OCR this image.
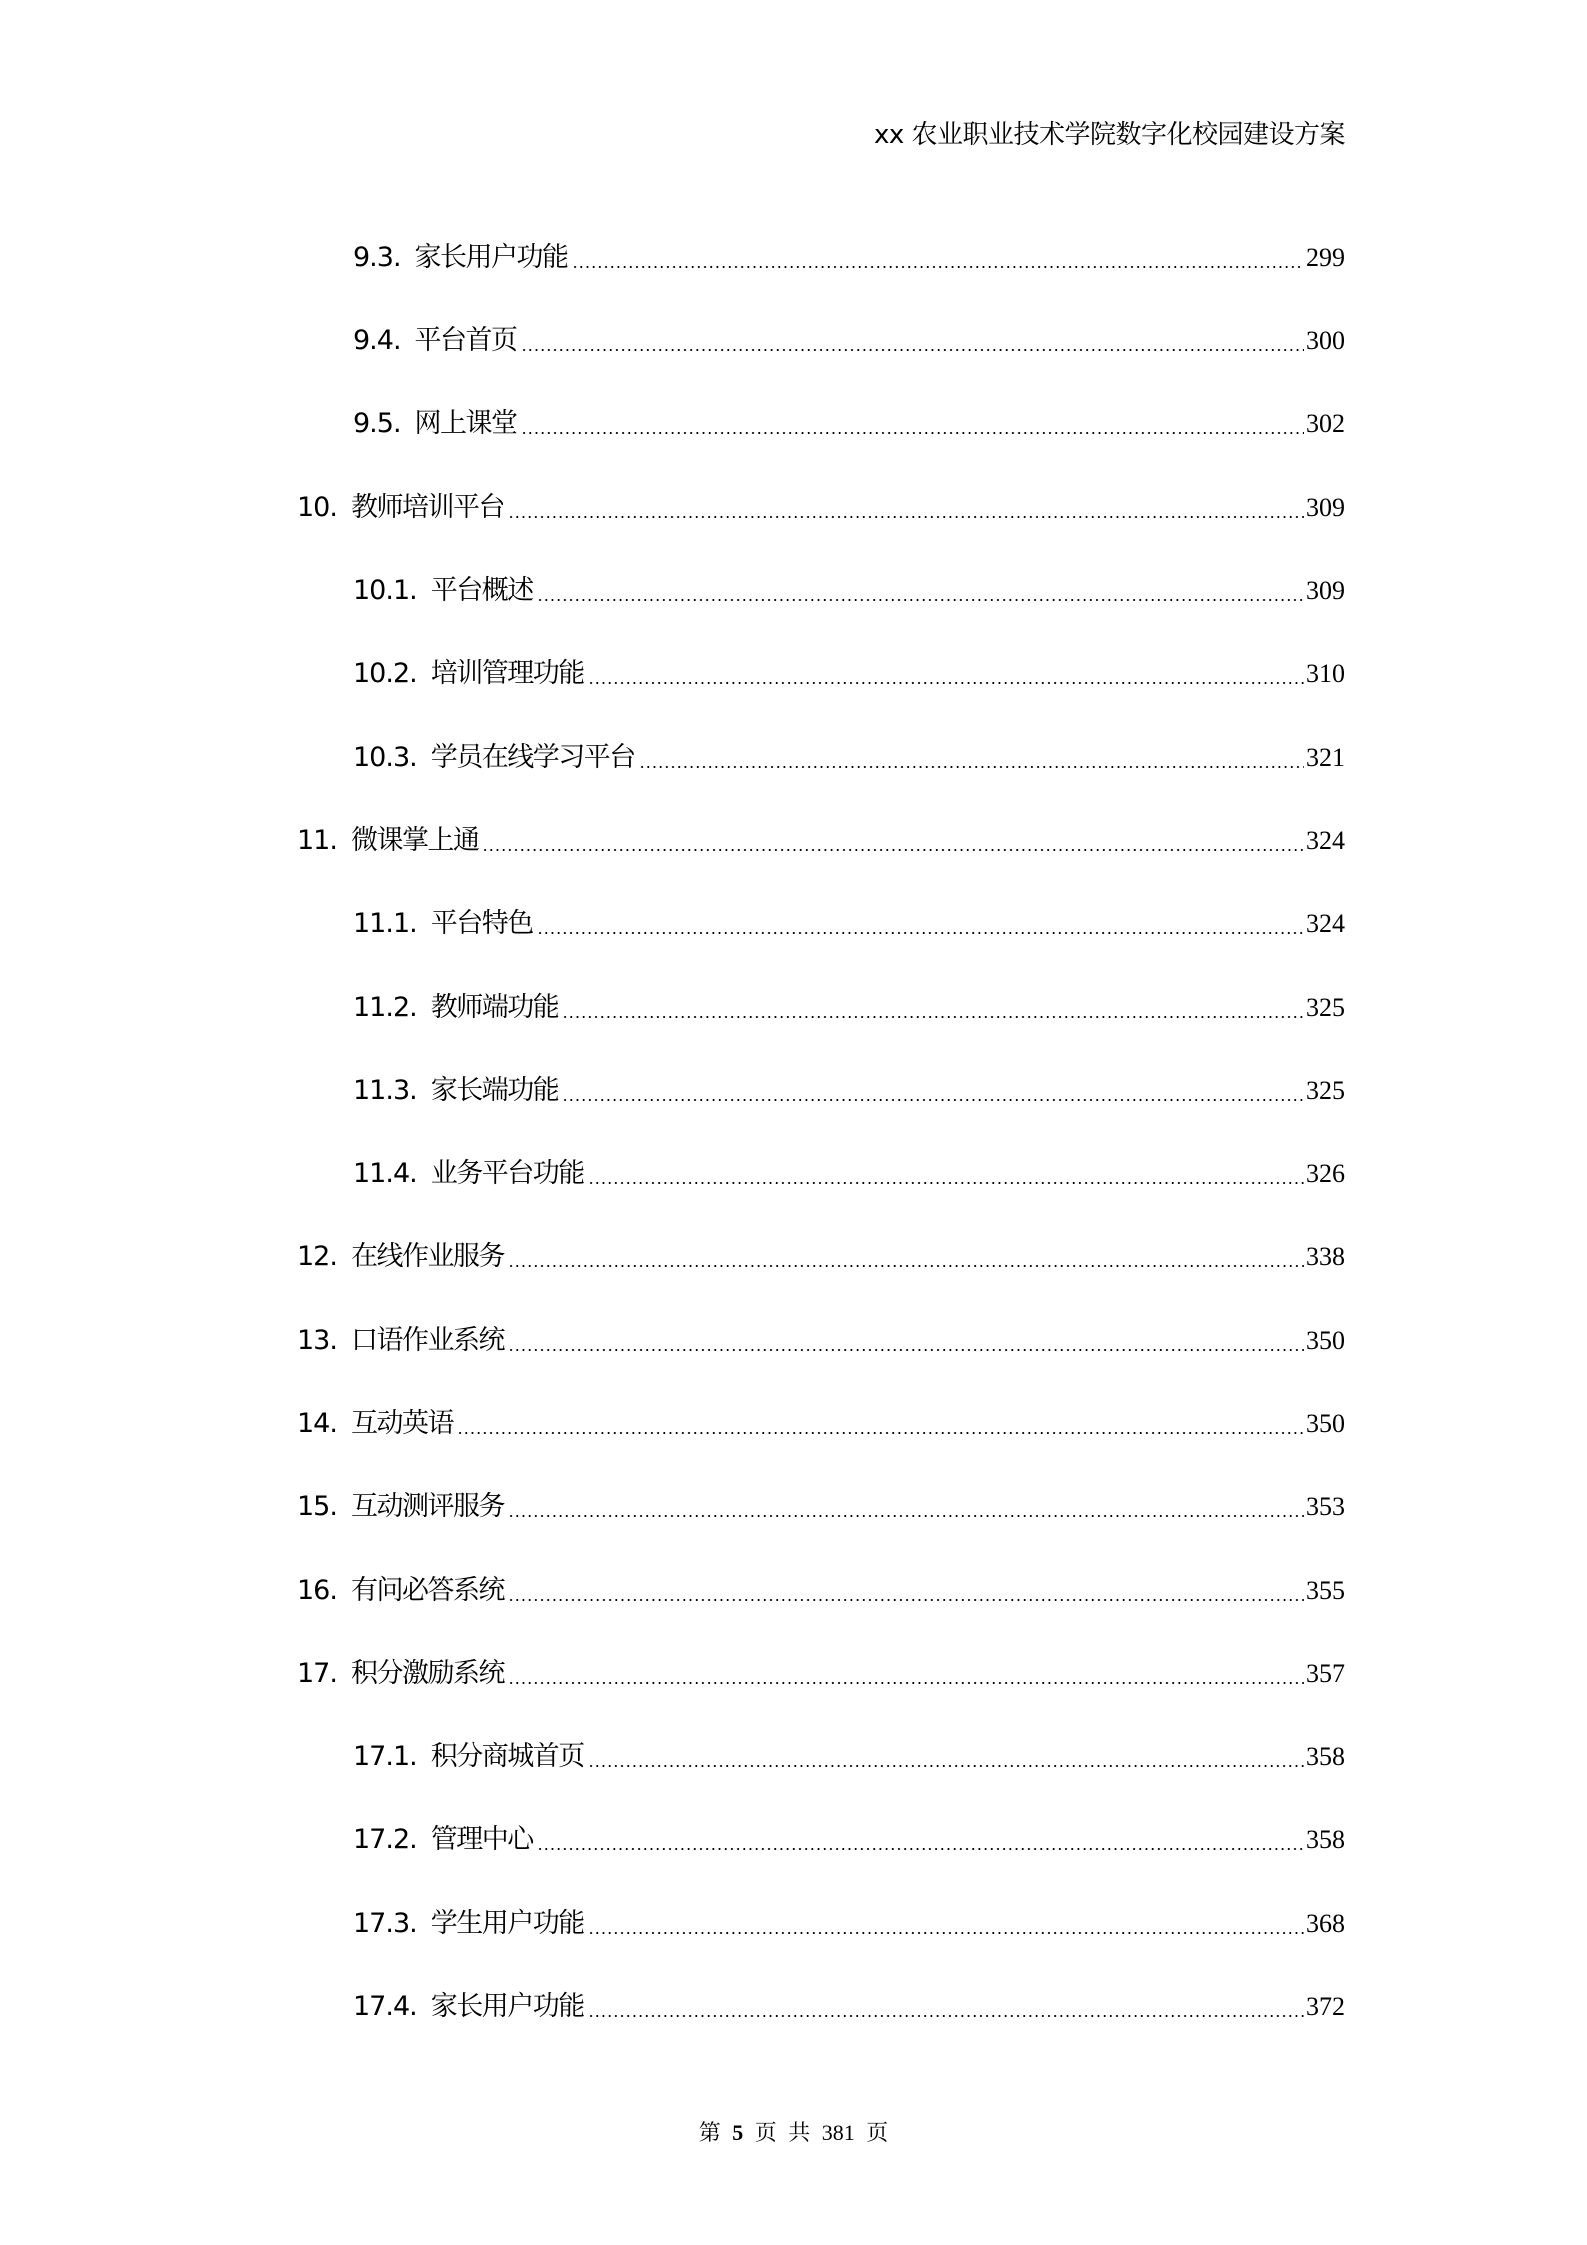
xx 农业职业技术学院数字化校园建设方案
9.3. 家长用户功能	299
9.4. 平台首页	300
9.5. 网上课堂	302
10. 教师培训平台	309
10.1. 平台概述	309
10.2. 培训管理功能	310
10.3. 学员在线学习平台	321
11. 微课掌上通	324
11.1. 平台特色	324
11.2. 教师端功能	325
11.3. 家长端功能	325
11.4. 业务平台功能	326
12. 在线作业服务	338
13. 口语作业系统	350
14. 互动英语	350
15. 互动测评服务	353
16. 有问必答系统	355
17. 积分激励系统	357
17.1. 积分商城首页	358
17.2. 管理中心	358
17.3. 学生用户功能	368
17.4. 家长用户功能	372
第 5 页 共 381 页
